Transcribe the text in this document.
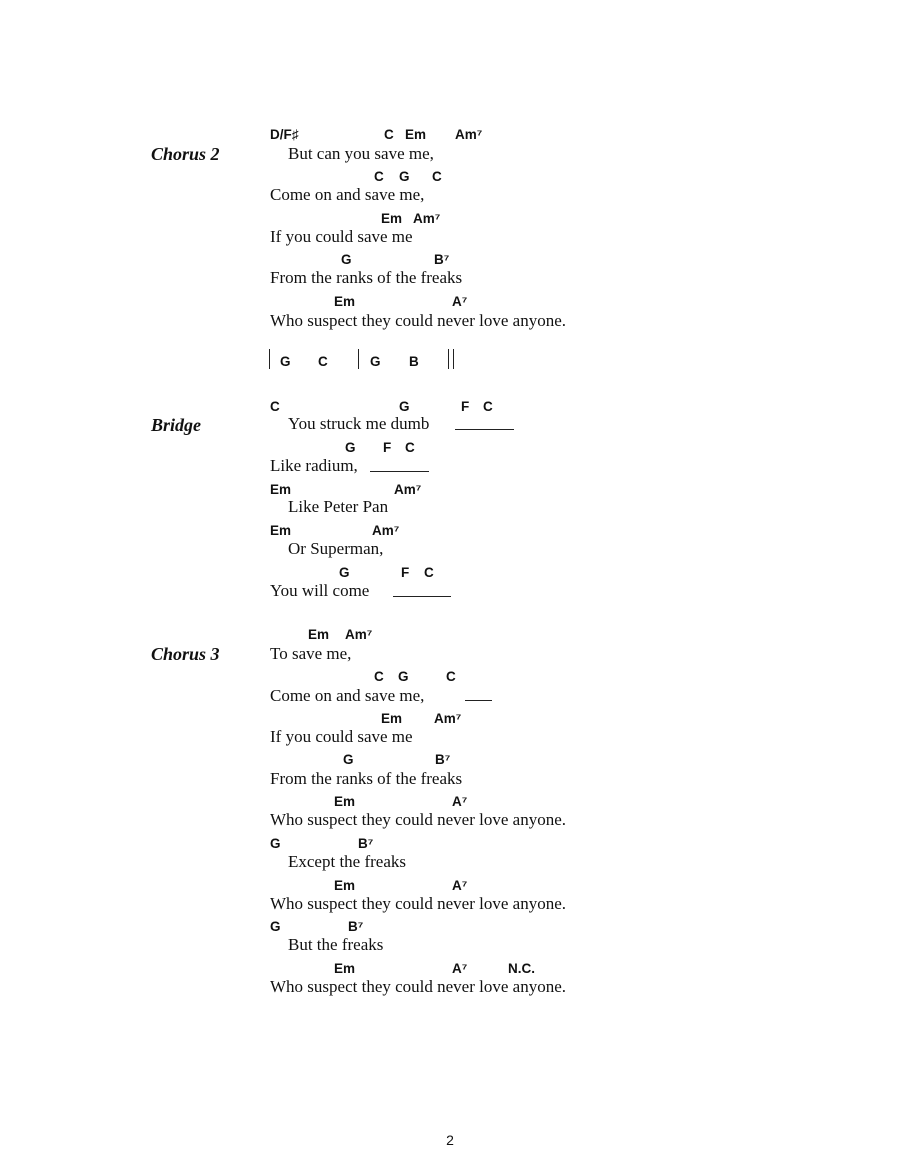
Chorus 2
D/F♯	C Em Am⁷
But can you save me,
C G C
Come on and save me,
Em Am⁷
If you could save me
G	B⁷
From the ranks of the freaks
Em	A⁷
Who suspect they could never love anyone.
G C	G B
Bridge
C	G	F C
You struck me dumb
G F C
Like radium,
Em	Am⁷
Like Peter Pan
Em	Am⁷
Or Superman,
G	F C
You will come
Chorus 3
Em Am⁷
To save me,
C G	C
Come on and save me,
Em Am⁷
If you could save me
G	B⁷
From the ranks of the freaks
Em	A⁷
Who suspect they could never love anyone.
G	B⁷
Except the freaks
Em	A⁷
Who suspect they could never love anyone.
G	B⁷
But the freaks
Em	A⁷	N.C.
Who suspect they could never love anyone.
2
